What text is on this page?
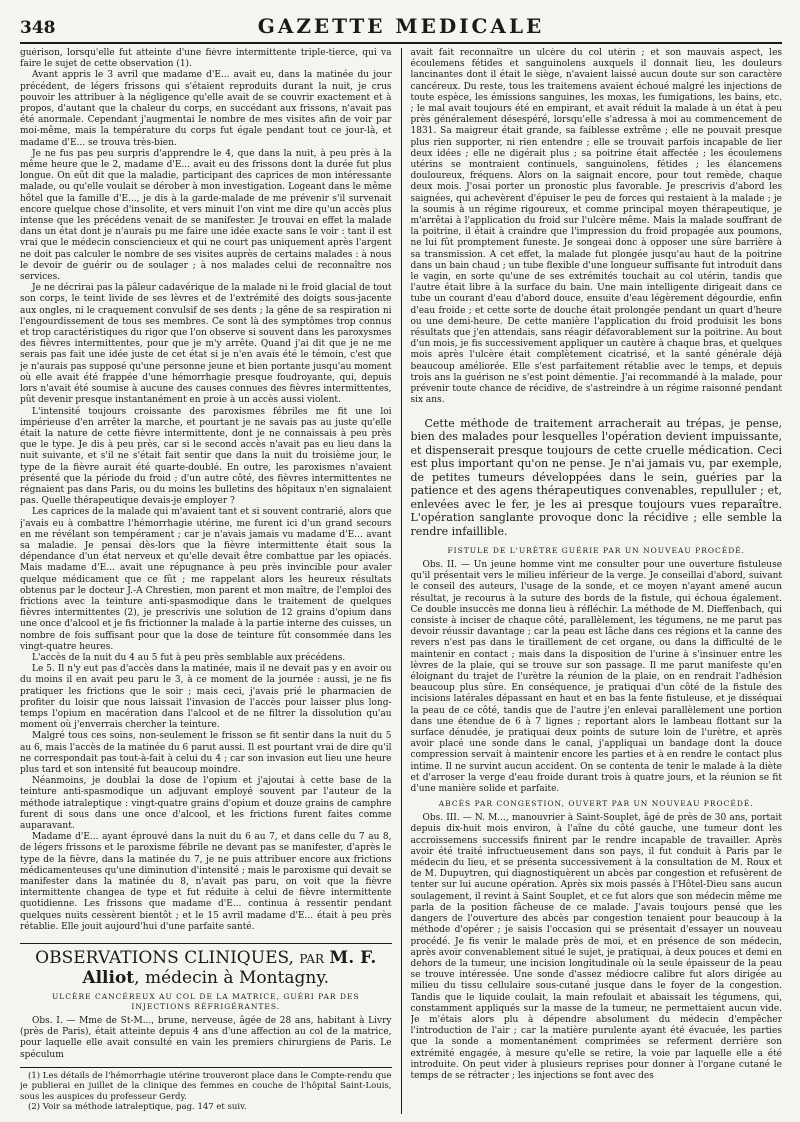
348	GAZETTE MEDICALE

guérison, lorsqu'elle fut atteinte d'une fièvre intermittente triple-tierce, qui va faire le sujet de cette observation (1).

Avant appris le 3 avril que madame d'E... avait eu, dans la matinée du jour précédent, de légers frissons qui s'étaient reproduits durant la nuit, je crus pouvoir les attribuer à la négligence qu'elle avait de se couvrir exactement et à propos, d'autant que la chaleur du corps, en succédant aux frissons, n'avait pas été anormale. Cependant j'augmentai le nombre de mes visites afin de voir par moi-même, mais la température du corps fut égale pendant tout ce jour-là, et madame d'E... se trouva très-bien.

Je ne fus pas peu surpris d'apprendre le 4, que dans la nuit, à peu près à la même heure que le 2, madame d'E... avait eu des frissons dont la durée fut plus longue. On eût dit que la maladie, participant des caprices de mon intéressante malade, ou qu'elle voulait se dérober à mon investigation. Logeant dans le même hôtel que la famille d'E..., je dis à la garde-malade de me prévenir s'il survenait encore quelque chose d'insolite, et vers minuit l'on vint me dire qu'un accès plus intense que les précédens venait de se manifester. Je trouvai en effet la malade dans un état dont je n'aurais pu me faire une idée exacte sans le voir : tant il est vrai que le médecin consciencieux et qui ne court pas uniquement après l'argent ne doit pas calculer le nombre de ses visites auprès de certains malades : à nous le devoir de guérir ou de soulager ; à nos malades celui de reconnaître nos services.

Je ne décrirai pas la pâleur cadavérique de la malade ni le froid glacial de tout son corps, le teint livide de ses lèvres et de l'extrémité des doigts sous-jacente aux ongles, ni le craquement convulsif de ses dents ; la gêne de sa respiration ni l'engourdissement de tous ses membres. Ce sont là des symptômes trop connus et trop caractéristiques du rigor que l'on observe si souvent dans les paroxysmes des fièvres intermittentes, pour que je m'y arrête. Quand j'ai dit que je ne me serais pas fait une idée juste de cet état si je n'en avais été le témoin, c'est que je n'aurais pas supposé qu'une personne jeune et bien portante jusqu'au moment où elle avait été frappée d'une hémorrhagie presque foudroyante, qui, depuis lors n'avait été soumise à aucune des causes connues des fièvres intermittentes, pût devenir presque instantanément en proie à un accès aussi violent.

L'intensité toujours croissante des paroxismes fébriles me fit une loi impérieuse d'en arrêter la marche, et pourtant je ne savais pas au juste qu'elle était la nature de cette fièvre intermittente, dont je ne connaissais à peu près que le type. Je dis à peu près, car si le second accès n'avait pas eu lieu dans la nuit suivante, et s'il ne s'était fait sentir que dans la nuit du troisième jour, le type de la fièvre aurait été quarte-doublé. En outre, les paroxismes n'avaient présenté que la période du froid ; d'un autre côté, des fièvres intermittentes ne régnaient pas dans Paris, ou du moins les bulletins des hôpitaux n'en signalaient pas. Quelle thérapeutique devais-je employer ?

Les caprices de la malade qui m'avaient tant et si souvent contrarié, alors que j'avais eu à combattre l'hémorrhagie utérine, me furent ici d'un grand secours en me révélant son tempérament ; car je n'avais jamais vu madame d'E... avant sa maladie. Je pensai dès-lors que la fièvre intermittente était sous la dépendance d'un état nerveux et qu'elle devait être combattue par les opiacés. Mais madame d'E... avait une répugnance à peu près invincible pour avaler quelque médicament que ce fût ; me rappelant alors les heureux résultats obtenus par le docteur J.-A Chrestien, mon parent et mon maître, de l'emploi des frictions avec la teinture anti-spasmodique dans le traitement de quelques fièvres intermittentes (2), je prescrivis une solution de 12 grains d'opium dans une once d'alcool et je fis frictionner la malade à la partie interne des cuisses, un nombre de fois suffisant pour que la dose de teinture fût consommée dans les vingt-quatre heures.

L'accès de la nuit du 4 au 5 fut à peu près semblable aux précédens.

Le 5. Il n'y eut pas d'accès dans la matinée, mais il ne devait pas y en avoir ou du moins il en avait peu paru le 3, à ce moment de la journée : aussi, je ne fis pratiquer les frictions que le soir ; mais ceci, j'avais prié le pharmacien de profiter du loisir que nous laissait l'invasion de l'accès pour laisser plus long-temps l'opium en macération dans l'alcool et de ne filtrer la dissolution qu'au moment où j'enverrais chercher la teinture.

Malgré tous ces soins, non-seulement le frisson se fit sentir dans la nuit du 5 au 6, mais l'accès de la matinée du 6 parut aussi. Il est pourtant vrai de dire qu'il ne correspondait pas tout-à-fait à celui du 4 ; car son invasion eut lieu une heure plus tard et son intensité fut beaucoup moindre.

Néanmoins, je doublai la dose de l'opium et j'ajoutai à cette base de la teinture anti-spasmodique un adjuvant employé souvent par l'auteur de la méthode iatraleptique : vingt-quatre grains d'opium et douze grains de camphre furent di sous dans une once d'alcool, et les frictions furent faites comme auparavant.

Madame d'E... ayant éprouvé dans la nuit du 6 au 7, et dans celle du 7 au 8, de légers frissons et le paroxisme fébrile ne devant pas se manifester, d'après le type de la fièvre, dans la matinée du 7, je ne puis attribuer encore aux frictions médicamenteuses qu'une diminution d'intensité ; mais le paroxisme qui devait se manifester dans la matinée du 8, n'avait pas paru, on voit que la fièvre intermittente changea de type et fut réduite à celui de fièvre intermittente quotidienne. Les frissons que madame d'E... continua à ressentir pendant quelques nuits cessèrent bientôt ; et le 15 avril madame d'E... était à peu près rétablie. Elle jouit aujourd'hui d'une parfaite santé.

OBSERVATIONS CLINIQUES, par M. F. Alliot, médecin à Montagny.
ULCÈRE CANCÉREUX AU COL DE LA MATRICE, GUÉRI PAR DES INJECTIONS RÉFRIGÉRANTES.

Obs. I. — Mme de St-M..., brune, nerveuse, âgée de 28 ans, habitant à Livry (près de Paris), était atteinte depuis 4 ans d'une affection au col de la matrice, pour laquelle elle avait consulté en vain les premiers chirurgiens de Paris. Le spéculum

(1) Les détails de l'hémorrhagie utérine trouveront place dans le Compte-rendu que je publierai en juillet de la clinique des femmes en couche de l'hôpital Saint-Louis, sous les auspices du professeur Gerdy.

(2) Voir sa méthode iatraleptique, pag. 147 et suiv.

avait fait reconnaître un ulcère du col utérin ; et son mauvais aspect, les écoulemens fétides et sanguinolens auxquels il donnait lieu, les douleurs lancinantes dont il était le siège, n'avaient laissé aucun doute sur son caractère cancéreux. Du reste, tous les traitemens avaient échoué malgré les injections de toute espèce, les émissions sanguines, les moxas, les fumigations, les bains, etc. ; le mal avait toujours été en empirant, et avait réduit la malade à un état à peu près généralement désespéré, lorsqu'elle s'adressa à moi au commencement de 1831. Sa maigreur était grande, sa faiblesse extrême ; elle ne pouvait presque plus rien supporter, ni rien entendre ; elle se trouvait parfois incapable de lier deux idées ; elle ne digérait plus ; sa poitrine était affectée ; les écoulemens utérins se montraient continuels, sanguinolens, fétides ; les élancemens douloureux, fréquens. Alors on la saignait encore, pour tout remède, chaque deux mois. J'osai porter un pronostic plus favorable. Je prescrivis d'abord les saignées, qui achevèrent d'épuiser le peu de forces qui restaient à la malade ; je la soumis à un régime rigoureux, et comme principal moyen thérapeutique, je m'arrêtai à l'application du froid sur l'ulcère même. Mais la malade souffrant de la poitrine, il était à craindre que l'impression du froid propagée aux poumons, ne lui fût promptement funeste. Je songeai donc à opposer une sûre barrière à sa transmission. A cet effet, la malade fut plongée jusqu'au haut de la poitrine dans un bain chaud ; un tube flexible d'une longueur suffisante fut introduit dans le vagin, en sorte qu'une de ses extrémités touchait au col utérin, tandis que l'autre était libre à la surface du bain. Une main intelligente dirigeait dans ce tube un courant d'eau d'abord douce, ensuite d'eau légèrement dégourdie, enfin d'eau froide ; et cette sorte de douche était prolongée pendant un quart d'heure ou une demi-heure. De cette manière l'application du froid produisit les bons résultats que j'en attendais, sans réagir défavorablement sur la poitrine. Au bout d'un mois, je fis successivement appliquer un cautère à chaque bras, et quelques mois après l'ulcère était complètement cicatrisé, et la santé générale déjà beaucoup améliorée. Elle s'est parfaitement rétablie avec le temps, et depuis trois ans la guérison ne s'est point démentie. J'ai recommandé à la malade, pour prévenir toute chance de récidive, de s'astreindre à un régime raisonné pendant six ans.

Cette méthode de traitement arracherait au trépas, je pense, bien des malades pour lesquelles l'opération devient impuissante, et dispenserait presque toujours de cette cruelle médication. Ceci est plus important qu'on ne pense. Je n'ai jamais vu, par exemple, de petites tumeurs développées dans le sein, guéries par la patience et des agens thérapeutiques convenables, repulluler ; et, enlevées avec le fer, je les ai presque toujours vues reparaître. L'opération sanglante provoque donc la récidive ; elle semble la rendre infaillible.

FISTULE DE L'URÈTRE GUÉRIE PAR UN NOUVEAU PROCÉDÉ.

Obs. II. — Un jeune homme vint me consulter pour une ouverture fistuleuse qu'il présentait vers le milieu inférieur de la verge. Je conseillai d'abord, suivant le conseil des auteurs, l'usage de la sonde, et ce moyen n'ayant amené aucun résultat, je recourus à la suture des bords de la fistule, qui échoua également. Ce double insuccès me donna lieu à réfléchir. La méthode de M. Dieffenbach, qui consiste à inciser de chaque côté, parallèlement, les tégumens, ne me parut pas devoir réussir davantage ; car la peau est lâche dans ces régions et la canne des revers n'est pas dans le tiraillement de cet organe, ou dans la difficulté de le maintenir en contact ; mais dans la disposition de l'urine à s'insinuer entre les lèvres de la plaie, qui se trouve sur son passage. Il me parut manifeste qu'en éloignant du trajet de l'urètre la réunion de la plaie, on en rendrait l'adhésion beaucoup plus sûre. En conséquence, je pratiquai d'un côté de la fistule des incisions latérales dépassant en haut et en bas la fente fistuleuse, et je disséquai la peau de ce côté, tandis que de l'autre j'en enlevai parallèlement une portion dans une étendue de 6 à 7 lignes ; reportant alors le lambeau flottant sur la surface dénudée, je pratiquai deux points de suture loin de l'urètre, et après avoir placé une sonde dans le canal, j'appliquai un bandage dont la douce compression servait à maintenir encore les parties et à en rendre le contact plus intime. Il ne survint aucun accident. On se contenta de tenir le malade à la diète et d'arroser la verge d'eau froide durant trois à quatre jours, et la réunion se fit d'une manière solide et parfaite.

ABCÈS PAR CONGESTION, OUVERT PAR UN NOUVEAU PROCÉDÉ.

Obs. III. — N. M..., manouvrier à Saint-Souplet, âgé de près de 30 ans, portait depuis dix-huit mois environ, à l'aîne du côté gauche, une tumeur dont les accroissemens successifs finirent par le rendre incapable de travailler. Après avoir été traité infructueusement dans son pays, il fut conduit à Paris par le médecin du lieu, et se présenta successivement à la consultation de M. Roux et de M. Dupuytren, qui diagnostiquèrent un abcès par congestion et refusèrent de tenter sur lui aucune opération. Après six mois passés à l'Hôtel-Dieu sans aucun soulagement, il revint à Saint Souplet, et ce fut alors que son médecin même me parla de la position fâcheuse de ce malade. J'avais toujours pensé que les dangers de l'ouverture des abcès par congestion tenaient pour beaucoup à la méthode d'opérer ; je saisis l'occasion qui se présentait d'essayer un nouveau procédé. Je fis venir le malade près de moi, et en présence de son médecin, après avoir convenablement situé le sujet, je pratiquai, à deux pouces et demi en dehors de la tumeur, une incision longitudinale où la seule épaisseur de la peau se trouve intéressée. Une sonde d'assez médiocre calibre fut alors dirigée au milieu du tissu cellulaire sous-cutané jusque dans le foyer de la congestion. Tandis que le liquide coulait, la main refoulait et abaissait les tégumens, qui, constamment appliqués sur la masse de la tumeur, ne permettaient aucun vide. Je m'étais alors plu à dépendre absolument du médecin d'empêcher l'introduction de l'air ; car la matière purulente ayant été évacuée, les parties que la sonde a momentanément comprimées se referment derrière son extrémité engagée, à mesure qu'elle se retire, la voie par laquelle elle a été introduite. On peut vider à plusieurs reprises pour donner à l'organe cutané le temps de se rétracter ; les injections se font avec des
